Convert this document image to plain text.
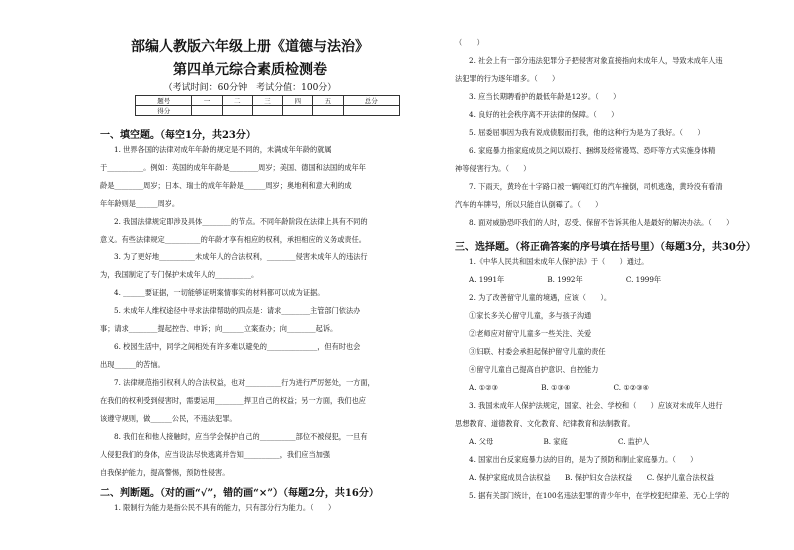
部编人教版六年级上册《道德与法治》
第四单元综合素质检测卷
（考试时间：60分钟　考试分值：100分）
题号	一	二	三	四	五	总分
得分						
一、填空题。（每空1分，共23分）
1. 世界各国的法律对成年年龄的规定是不同的，未满成年年龄的就属
于__________。例如：英国的成年年龄是________周岁；美国、德国和法国的成年年
龄是________周岁；日本、瑞士的成年年龄是______周岁；奥地利和意大利的成
年年龄则是______周岁。
2. 我国法律规定即涉及具体________的节点。不同年龄阶段在法律上具有不同的
意义。有些法律规定__________的年龄才享有相应的权利，承担相应的义务或责任。
3. 为了更好地__________未成年人的合法权利，________侵害未成年人的违法行
为，我国制定了专门保护未成年人的__________。
4. ______要证据，一切能够证明案情事实的材料都可以成为证据。
5. 未成年人维权途径中寻求法律帮助的四点是：请求________主管部门依法办
事；请求________提起控告、申诉；向______立案查办；向________起诉。
6. 校园生活中，同学之间相处有许多难以避免的______________，但有时也会
出现______的苦恼。
7. 法律规范指引权利人的合法权益，也对__________行为进行严厉惩处，一方面，
在我们的权利受到侵害时，需要运用________捍卫自己的权益；另一方面，我们也应
该遵守规则，做______公民，不违法犯罪。
8. 我们在和他人接触时，应当学会保护自己的__________部位不被侵犯，一旦有
人侵犯我们的身体，应当设法尽快逃离并告知__________，我们应当加强
自我保护能力，提高警惕，预防性侵害。
二、判断题。（对的画“√”，错的画“×”）（每题2分，共16分）
1. 限制行为能力是指公民不具有的能力，只有部分行为能力。（　　）
（　　）
2. 社会上有一部分违法犯罪分子把侵害对象直接指向未成年人，导致未成年人违
法犯罪的行为逐年增多。（　　）
3. 应当长期聘看护的最低年龄是12岁。（　　）
4. 良好的社会秩序离不开法律的保障。（　　）
5. 屈委屈事因为我有说成债服而打我，他的这种行为是为了我好。（　　）
6. 家庭暴力指家庭成员之间以殴打、捆绑及经常谩骂、恐吓等方式实施身体精
神等侵害行为。（　　）
7. 下雨天，黄玲在十字路口被一辆闯红灯的汽车撞倒，司机逃逸，黄玲没有看清
汽车的车牌号，所以只能自认倒霉了。（　　）
8. 面对威胁恐吓我们的人时，忍受、保留不告诉其他人是最好的解决办法。（　　）
三、选择题。（将正确答案的序号填在括号里）（每题3分，共30分）
1.《中华人民共和国未成年人保护法》于（　　）通过。
A. 1991年　　　　　　B. 1992年　　　　　　C. 1999年
2. 为了改善留守儿童的境遇，应该（　　）。
①家长多关心留守儿童，多与孩子沟通
②老师应对留守儿童多一些关注、关爱
③妇联、村委会承担起保护留守儿童的责任
④留守儿童自己提高自护意识、自控能力
A. ①②③　　　　　　B. ①③④　　　　　　C. ①②③④
3. 我国未成年人保护法规定，国家、社会、学校和（　　）应该对未成年人进行
思想教育、道德教育、文化教育、纪律教育和法制教育。
A. 父母　　　　　　　B. 家庭　　　　　　　C. 监护人
4. 国家出台反家庭暴力法的目的，是为了预防和制止家庭暴力。（　　）
A. 保护家庭成员合法权益　　B. 保护妇女合法权益　　C. 保护儿童合法权益
5. 据有关部门统计，在100名违法犯罪的青少年中，在学校犯纪律差、无心上学的
